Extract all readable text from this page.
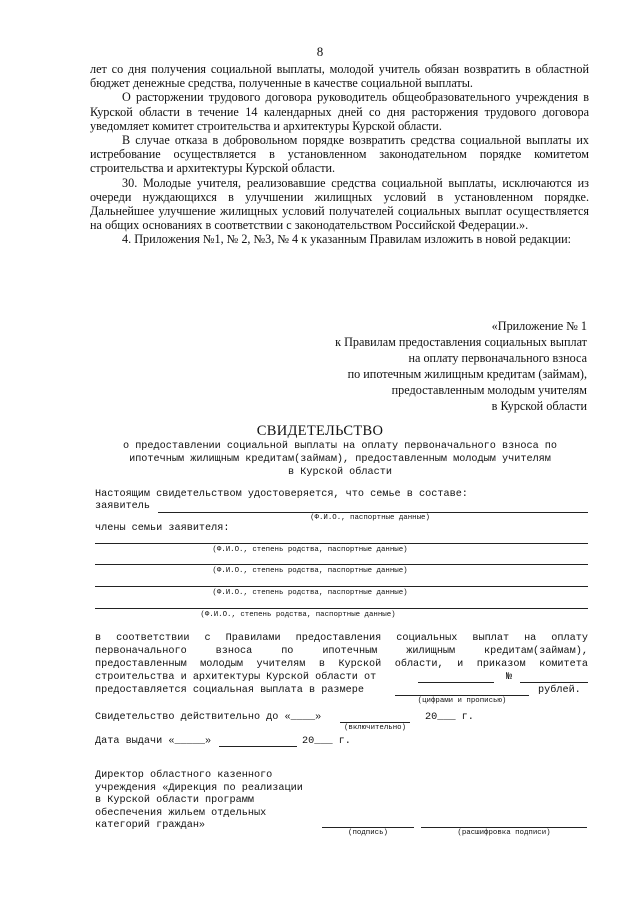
8

лет со дня получения социальной выплаты, молодой учитель обязан возвратить в областной бюджет денежные средства, полученные в качестве социальной выплаты.

О расторжении трудового договора руководитель общеобразовательного учреждения в Курской области в течение 14 календарных дней со дня расторжения трудового договора уведомляет комитет строительства и архитектуры Курской области.

В случае отказа в добровольном порядке возвратить средства социальной выплаты их истребование осуществляется в установленном законодательном порядке комитетом строительства и архитектуры Курской области.

30. Молодые учителя, реализовавшие средства социальной выплаты, исключаются из очереди нуждающихся в улучшении жилищных условий в установленном порядке. Дальнейшее улучшение жилищных условий получателей социальных выплат осуществляется на общих основаниях в соответствии с законодательством Российской Федерации.».

4. Приложения №1, № 2, №3, № 4 к указанным Правилам изложить в новой редакции:

«Приложение № 1
к Правилам предоставления социальных выплат
на оплату первоначального взноса
по ипотечным жилищным кредитам (займам),
предоставленным молодым учителям
в Курской области
СВИДЕТЕЛЬСТВО
о предоставлении социальной выплаты на оплату первоначального взноса по
ипотечным жилищным кредитам(займам), предоставленным молодым учителям
в Курской области
Настоящим свидетельством удостоверяется, что семье в составе:
заявитель
(Ф.И.О., паспортные данные)
члены семьи заявителя:
(Ф.И.О., степень родства, паспортные данные)
(Ф.И.О., степень родства, паспортные данные)
(Ф.И.О., степень родства, паспортные данные)
(Ф.И.О., степень родства, паспортные данные)
в соответствии с Правилами предоставления социальных выплат на оплату
первоначального взноса по ипотечным жилищным кредитам(займам),
предоставленным молодым учителям в Курской области, и приказом комитета
строительства и архитектуры Курской области от	№
предоставляется социальная выплата в размере	рублей.
(цифрами и прописью)
Свидетельство действительно до «____»	20___ г.
(включительно)
Дата выдачи «_____»	20___ г.
Директор областного казенного
учреждения «Дирекция по реализации
в Курской области программ
обеспечения жильем отдельных
категорий граждан»
(подпись)	(расшифровка подписи)
